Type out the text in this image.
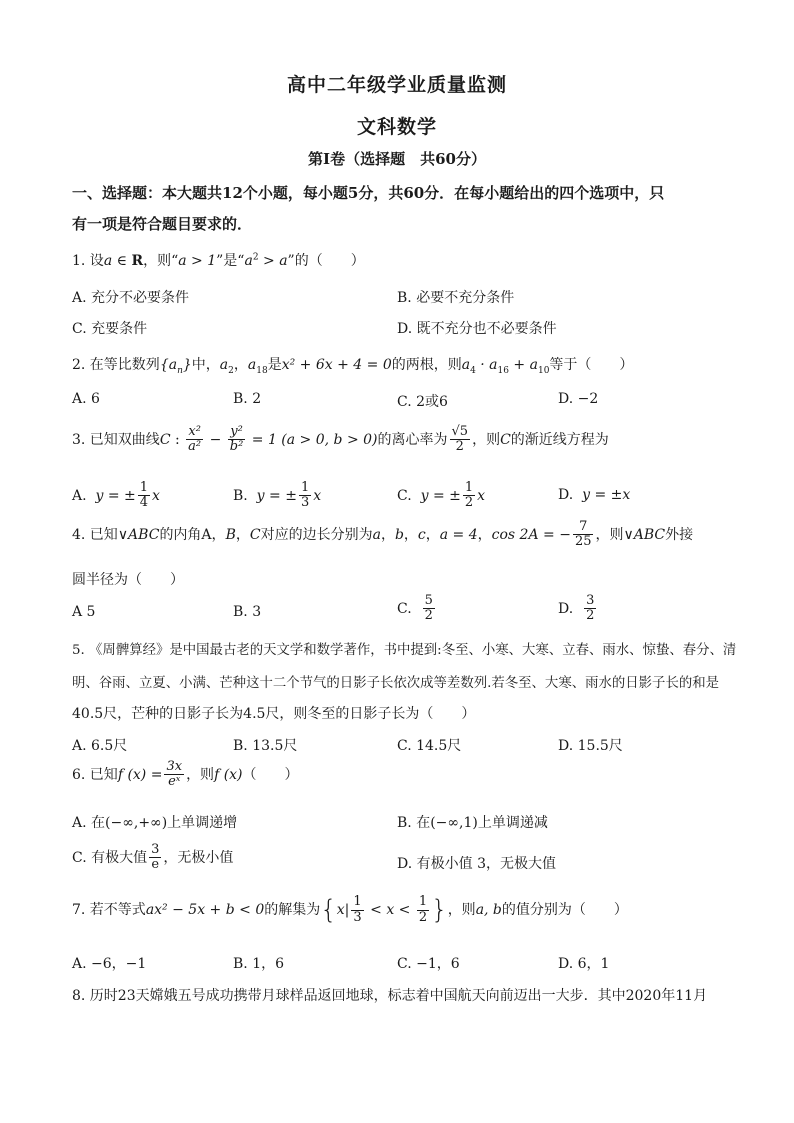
高中二年级学业质量监测
文科数学
第Ⅰ卷（选择题　共60分）
一、选择题：本大题共12个小题，每小题5分，共60分．在每小题给出的四个选项中，只
有一项是符合题目要求的．
1. 设a ∈ R，则“a > 1”是“$a^2 > a$”的（　　）
A. 充分不必要条件	B. 必要不充分条件
C. 充要条件	D. 既不充分也不必要条件
2. 在等比数列$\{a_n\}$中，$a_2$，$a_{18}$是x² + 6x + 4 = 0的两根，则$a_4 \cdot a_{16} + a_{10}$等于（　　）
A. 6	B. 2	C. 2或6	D. −2
3. 已知双曲线C : $\frac{\text{x²}}{\text{a²}} - \frac{\text{y²}}{\text{b²}} = 1$ (a > 0, b > 0)的离心率为 $\frac{√5}{2}$ ，则C的渐近线方程为
A. y = ± $\frac{1}{4}$ x	B. y = ± $\frac{1}{3}$ x	C. y = ± $\frac{1}{2}$ x	D. y = ±x
4. 已知∨ABC的内角A，B，C对应的边长分别为a，b，c，a = 4，cos 2A = − $\frac{7}{25}$ ，则∨ABC外接
圆半径为（　　）
A 5	B. 3	C. $\frac{5}{2}$	D. $\frac{3}{2}$
5. 《周髀算经》是中国最古老的天文学和数学著作，书中提到:冬至、小寒、大寒、立春、雨水、惊蛰、春分、清
明、谷雨、立夏、小满、芒种这十二个节气的日影子长依次成等差数列.若冬至、大寒、雨水的日影子长的和是
40.5尺，芒种的日影子长为4.5尺，则冬至的日影子长为（　　）
A. 6.5尺	B. 13.5尺	C. 14.5尺	D. 15.5尺
6. 已知f $(x) = \frac{3x}{\text{eˣ}}$ ，则f (x)（　　）
A. 在(−∞,+∞)上单调递增	B. 在(−∞,1)上单调递减
C. 有极大值 $\frac{3}{e}$ ，无极小值	D. 有极小值 3，无极大值
7. 若不等式ax² − 5x + b < 0的解集为{$x| \frac{1}{3} < x < \frac{1}{2}$ }，则a, b的值分别为（　　）
A. −6，−1	B. 1，6	C. −1，6	D. 6，1
8. 历时23天嫦娥五号成功携带月球样品返回地球，标志着中国航天向前迈出一大步．其中2020年11月
